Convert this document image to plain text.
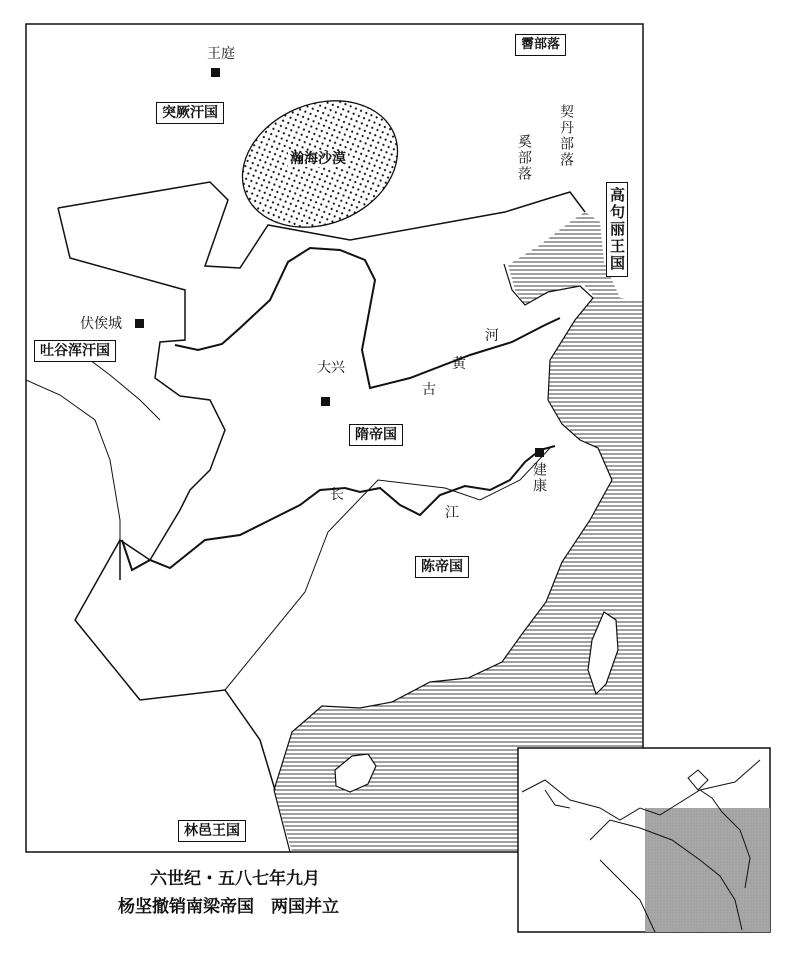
王庭
突厥汗国
瀚海沙漠
霫部落
契丹部落
奚部落
高句丽王国
伏俟城
吐谷浑汗国
大兴
隋帝国
古
黄
河
长
江
建康
陈帝国
林邑王国
六世纪・五八七年九月
杨坚撤销南梁帝国　两国并立
